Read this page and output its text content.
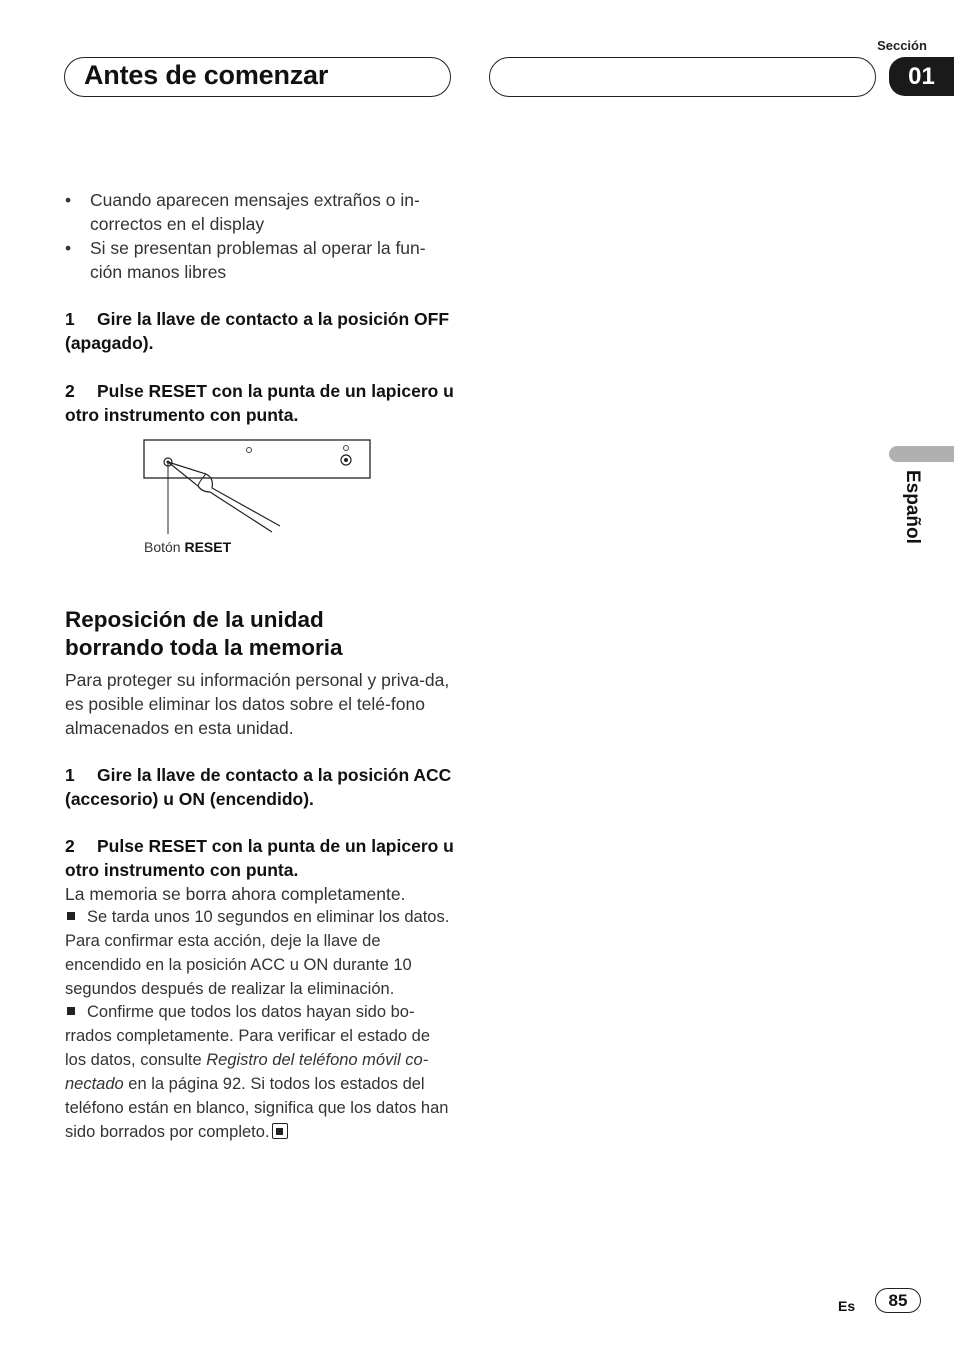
Antes de comenzar
Sección
01
Español
• Cuando aparecen mensajes extraños o in-correctos en el display
• Si se presentan problemas al operar la fun-ción manos libres
1 Gire la llave de contacto a la posición OFF (apagado).
2 Pulse RESET con la punta de un lapicero u otro instrumento con punta.
Botón RESET
Reposición de la unidad borrando toda la memoria
Para proteger su información personal y priva-da, es posible eliminar los datos sobre el telé-fono almacenados en esta unidad.
1 Gire la llave de contacto a la posición ACC (accesorio) u ON (encendido).
2 Pulse RESET con la punta de un lapicero u otro instrumento con punta.
La memoria se borra ahora completamente.
Se tarda unos 10 segundos en eliminar los datos. Para confirmar esta acción, deje la llave de encendido en la posición ACC u ON durante 10 segundos después de realizar la eliminación.
Confirme que todos los datos hayan sido bo-rrados completamente. Para verificar el estado de los datos, consulte Registro del teléfono móvil co-nectado en la página 92. Si todos los estados del teléfono están en blanco, significa que los datos han sido borrados por completo.
Es	85
